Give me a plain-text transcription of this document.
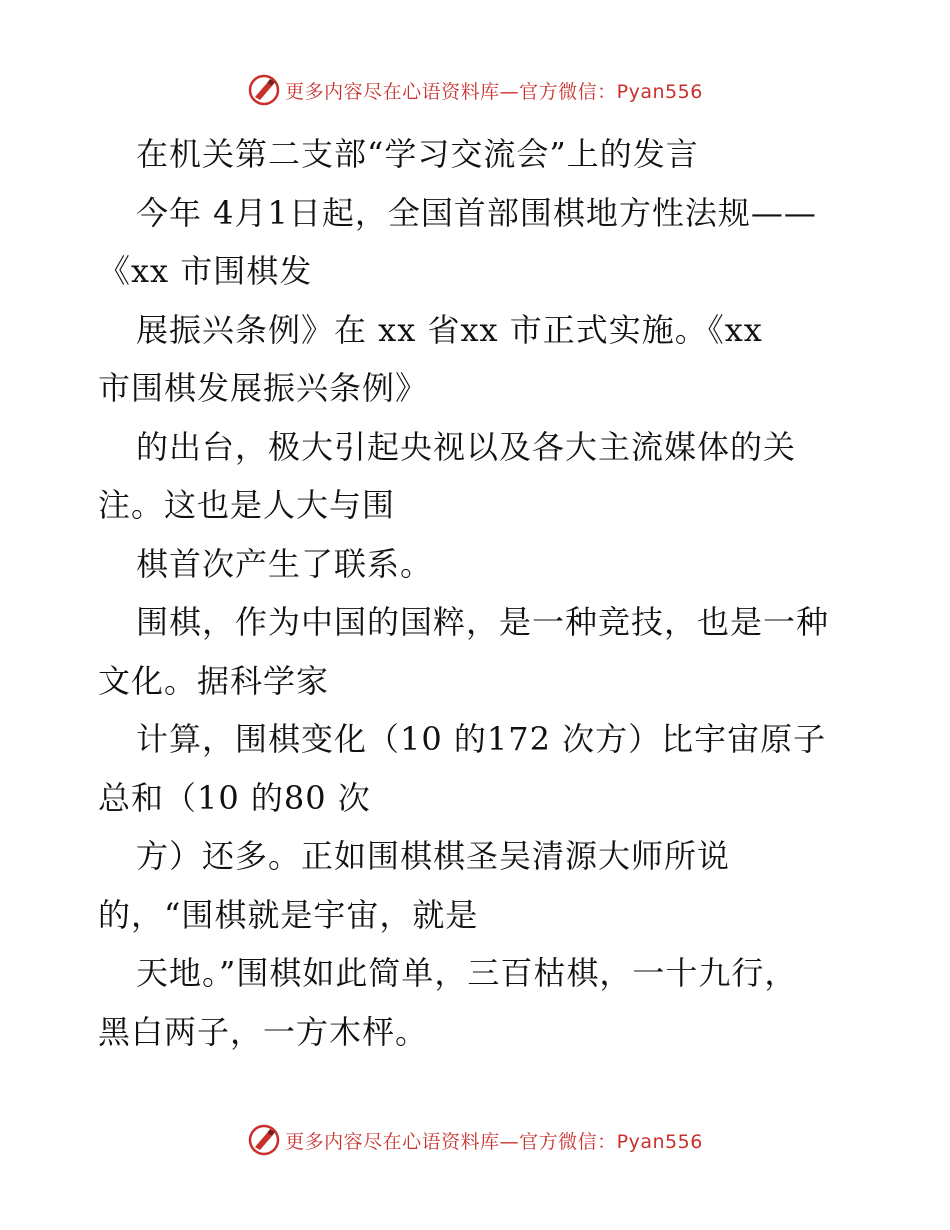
更多内容尽在心语资料库—官方微信：Pyan556
在机关第二支部“学习交流会”上的发言
今年 4月1日起，全国首部围棋地方性法规——
《xx 市围棋发
展振兴条例》在 xx 省xx 市正式实施。《xx
市围棋发展振兴条例》
的出台，极大引起央视以及各大主流媒体的关
注。这也是人大与围
棋首次产生了联系。
围棋，作为中国的国粹，是一种竞技，也是一种
文化。据科学家
计算，围棋变化（10 的172 次方）比宇宙原子
总和（10 的80 次
方）还多。正如围棋棋圣吴清源大师所说
的，“围棋就是宇宙，就是
天地。”围棋如此简单，三百枯棋，一十九行，
黑白两子，一方木枰。
更多内容尽在心语资料库—官方微信：Pyan556
